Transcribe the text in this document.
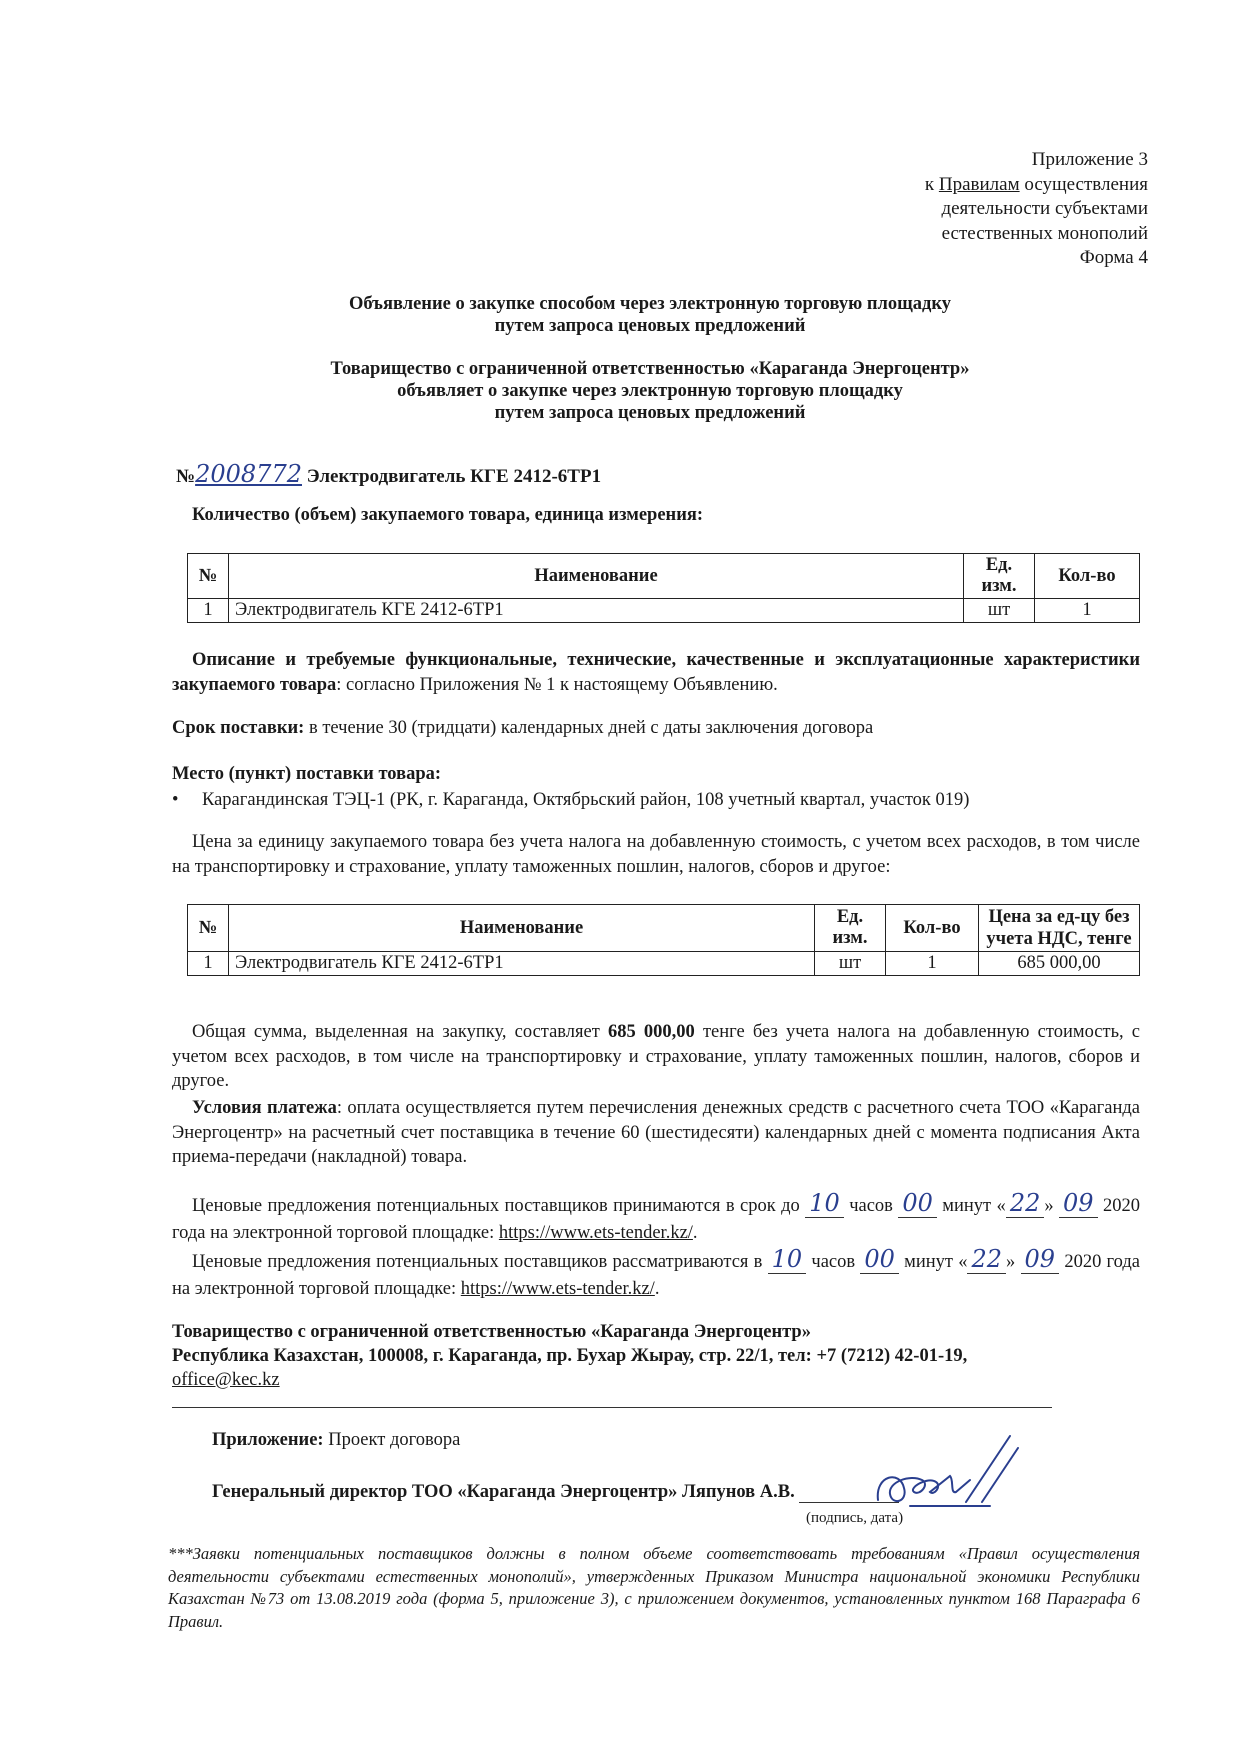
Приложение 3
к Правилам осуществления
деятельности субъектами
естественных монополий
Форма 4
Объявление о закупке способом через электронную торговую площадку
путем запроса ценовых предложений
Товарищество с ограниченной ответственностью «Караганда Энергоцентр»
объявляет о закупке через электронную торговую площадку
путем запроса ценовых предложений
№2008772 Электродвигатель КГЕ 2412-6ТР1
Количество (объем) закупаемого товара, единица измерения:
№	Наименование	Ед. изм.	Кол-во
1	Электродвигатель КГЕ 2412-6ТР1	шт	1
Описание и требуемые функциональные, технические, качественные и эксплуатационные характеристики закупаемого товара: согласно Приложения № 1 к настоящему Объявлению.
Срок поставки: в течение 30 (тридцати) календарных дней с даты заключения договора
Место (пункт) поставки товара:
• Карагандинская ТЭЦ-1 (РК, г. Караганда, Октябрьский район, 108 учетный квартал, участок 019)
Цена за единицу закупаемого товара без учета налога на добавленную стоимость, с учетом всех расходов, в том числе на транспортировку и страхование, уплату таможенных пошлин, налогов, сборов и другое:
№	Наименование	Ед. изм.	Кол-во	Цена за ед-цу без учета НДС, тенге
1	Электродвигатель КГЕ 2412-6ТР1	шт	1	685 000,00
Общая сумма, выделенная на закупку, составляет 685 000,00 тенге без учета налога на добавленную стоимость, с учетом всех расходов, в том числе на транспортировку и страхование, уплату таможенных пошлин, налогов, сборов и другое.
Условия платежа: оплата осуществляется путем перечисления денежных средств с расчетного счета ТОО «Караганда Энергоцентр» на расчетный счет поставщика в течение 60 (шестидесяти) календарных дней с момента подписания Акта приема-передачи (накладной) товара.
Ценовые предложения потенциальных поставщиков принимаются в срок до 10 часов 00 минут « 22 » 09 2020 года на электронной торговой площадке: https://www.ets-tender.kz/.
Ценовые предложения потенциальных поставщиков рассматриваются в 10 часов 00 минут « 22 » 09 2020 года на электронной торговой площадке: https://www.ets-tender.kz/.
Товарищество с ограниченной ответственностью «Караганда Энергоцентр»
Республика Казахстан, 100008, г. Караганда, пр. Бухар Жырау, стр. 22/1, тел: +7 (7212) 42-01-19,
office@kec.kz
Приложение: Проект договора
Генеральный директор ТОО «Караганда Энергоцентр» Ляпунов А.В.
(подпись, дата)
***Заявки потенциальных поставщиков должны в полном объеме соответствовать требованиям «Правил осуществления деятельности субъектами естественных монополий», утвержденных Приказом Министра национальной экономики Республики Казахстан №73 от 13.08.2019 года (форма 5, приложение 3), с приложением документов, установленных пунктом 168 Параграфа 6 Правил.
